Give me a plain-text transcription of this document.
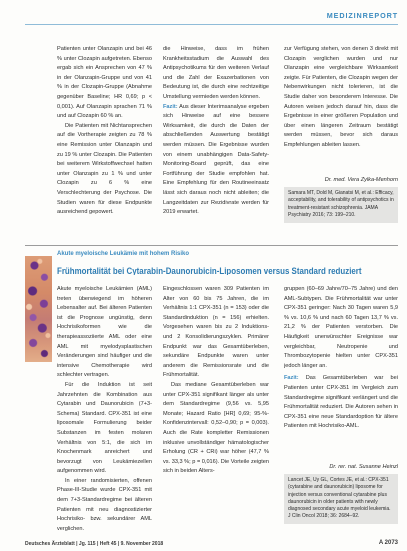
MEDIZINREPORT

Patienten unter Olanzapin und bei 46 % unter Clozapin aufgetreten. Ebenso ergab sich ein Ansprechen von 47 % in der Olanzapin-Gruppe und von 41 % in der Clozapin-Gruppe (Abnahme gegenüber Baseline; HR 0,69; p < 0,001). Auf Olanzapin sprachen 71 % und auf Clozapin 60 % an.

Die Patienten mit Nichtansprechen auf die Vortherapie zeigten zu 78 % eine Remission unter Olanzapin und zu 19 % unter Clozapin. Die Patienten bei weiterem Wirkstoffwechsel hatten unter Olanzapin zu 1 % und unter Clozapin zu 6 % eine Verschlechterung der Psychose. Die Studien waren für diese Endpunkte ausreichend gepowert.

die Hinweise, dass im frühen Krankheitsstadium die Auswahl des Antipsychotikums für den weiteren Verlauf und die Zahl der Exazerbationen von Bedeutung ist, die durch eine rechtzeitige Umstellung vermieden werden können.

Fazit: Aus dieser Interimsanalyse ergeben sich Hinweise auf eine bessere Wirksamkeit, die durch die Daten der abschließenden Auswertung bestätigt werden müssen. Die Ergebnisse wurden von einem unabhängigen Data-Safety-Monitoring-Board geprüft, das eine Fortführung der Studie empfohlen hat. Eine Empfehlung für den Routineeinsatz lässt sich daraus noch nicht ableiten; die Langzeitdaten zur Rezidivrate werden für 2019 erwartet.

zur Verfügung stehen, von denen 3 direkt mit Clozapin verglichen wurden und nur Olanzapin eine vergleichbare Wirksamkeit zeigte. Für Patienten, die Clozapin wegen der Nebenwirkungen nicht tolerieren, ist die Studie daher von besonderem Interesse. Die Autoren weisen jedoch darauf hin, dass die Ergebnisse in einer größeren Population und über einen längeren Zeitraum bestätigt werden müssen, bevor sich daraus Empfehlungen ableiten lassen.

Dr. med. Vera Zylka-Menhorn
Samara MT, Dold M, Gianatsi M, et al.: Efficacy, acceptability, and tolerability of antipsychotics in treatment-resistant schizophrenia. JAMA Psychiatry 2016; 73: 199–210.
Akute myeloische Leukämie mit hohem Risiko
Frühmortalität bei Cytarabin-Daunorubicin-Liposomen versus Standard reduziert

Akute myeloische Leukämien (AML) treten überwiegend im höheren Lebensalter auf. Bei älteren Patienten ist die Prognose ungünstig, denn Hochrisikoformen wie die therapieassoziierte AML oder eine AML mit myelodysplastischen Veränderungen sind häufiger und die intensive Chemotherapie wird schlechter vertragen.

Für die Induktion ist seit Jahrzehnten die Kombination aus Cytarabin und Daunorubicin (7+3-Schema) Standard. CPX-351 ist eine liposomale Formulierung beider Substanzen im festen molaren Verhältnis von 5:1, die sich im Knochenmark anreichert und bevorzugt von Leukämiezellen aufgenommen wird.

In einer randomisierten, offenen Phase-III-Studie wurde CPX-351 mit dem 7+3-Standardregime bei älteren Patienten mit neu diagnostizierter Hochrisiko- bzw. sekundärer AML verglichen.

Eingeschlossen waren 309 Patienten im Alter von 60 bis 75 Jahren, die im Verhältnis 1:1 CPX-351 (n = 153) oder die Standardinduktion (n = 156) erhielten. Vorgesehen waren bis zu 2 Induktions- und 2 Konsolidierungszyklen. Primärer Endpunkt war das Gesamtüberleben, sekundäre Endpunkte waren unter anderem die Remissionsrate und die Frühmortalität.

Das mediane Gesamtüberleben war unter CPX-351 signifikant länger als unter dem Standardregime (9,56 vs. 5,95 Monate; Hazard Ratio [HR] 0,69; 95-%-Konfidenzintervall: 0,52–0,90; p = 0,003). Auch die Rate kompletter Remissionen inklusive unvollständiger hämatologischer Erholung (CR + CRi) war höher (47,7 % vs. 33,3 %; p = 0,016). Die Vorteile zeigten sich in beiden Alters-

gruppen (60–69 Jahre/70–75 Jahre) und den AML-Subtypen. Die Frühmortalität war unter CPX-351 geringer: Nach 30 Tagen waren 5,9 % vs. 10,6 % und nach 60 Tagen 13,7 % vs. 21,2 % der Patienten verstorben. Die Häufigkeit unerwünschter Ereignisse war vergleichbar, Neutropenie und Thrombozytopenie hielten unter CPX-351 jedoch länger an.

Fazit: Das Gesamtüberleben war bei Patienten unter CPX-351 im Vergleich zum Standardregime signifikant verlängert und die Frühmortalität reduziert. Die Autoren sehen in CPX-351 eine neue Standardoption für ältere Patienten mit Hochrisiko-AML.

Dr. rer. nat. Susanne Heinzl
Lancet JE, Uy GL, Cortes JE, et al.: CPX-351 (cytarabine and daunorubicin) liposome for injection versus conventional cytarabine plus daunorubicin in older patients with newly diagnosed secondary acute myeloid leukemia. J Clin Oncol 2018; 36: 2684–92.
Deutsches Ärzteblatt | Jg. 115 | Heft 45 | 9. November 2018	A 2073
